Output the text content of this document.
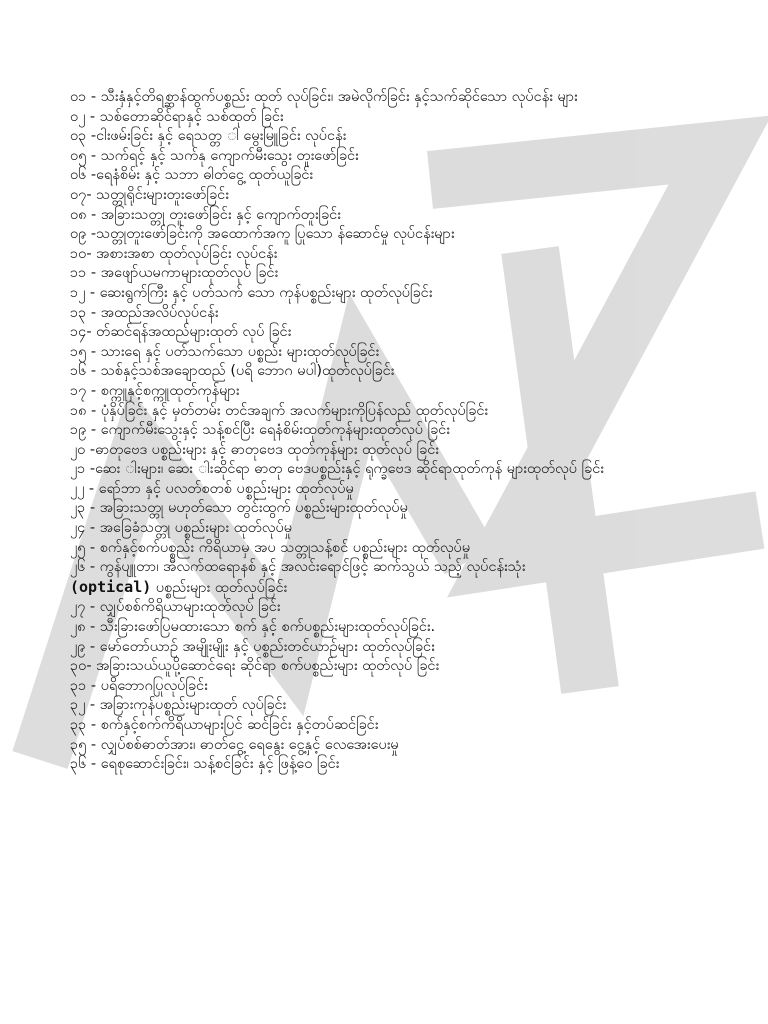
၀၁ - သီးနှံနှင့်တိရစ္ဆာန်ထွက်ပစ္စည်း ထုတ် လုပ်ခြင်း၊ အမဲလိုက်ခြင်း နှင့်သက်ဆိုင်သော လုပ်ငန်း များ
၀၂ - သစ်တောဆိုင်ရာနှင့် သစ်ထုတ် ခြင်း
၀၃ -ငါးဖမ်းခြင်း နှင့် ရေသတ္တ ါ မွေးမြူခြင်း လုပ်ငန်း
၀၅ - သက်ရင့် နှင့် သက်နု ကျောက်မီးသွေး တူးဖော်ခြင်း
၀၆ -ရေနံစိမ်း နှင့် သဘာ ဓါတ်ငွေ့ ထုတ်ယူခြင်း
၀၇- သတ္တုရိုင်းများတူးဖော်ခြင်း
၀၈ - အခြားသတ္တု တူးဖော်ခြင်း နှင့် ကျောက်တူးခြင်း
၀၉ -သတ္တုတူးဖော်ခြင်းကို အထောက်အကူ ပြုသော န်ဆောင်မှု လုပ်ငန်းများ
၁၀- အစားအစာ ထုတ်လုပ်ခြင်း လုပ်ငန်း
၁၁ - အဖျော်ယမကာများထုတ်လုပ် ခြင်း
၁၂ - ဆေးရွက်ကြီး နှင့် ပတ်သက် သော ကုန်ပစ္စည်းများ ထုတ်လုပ်ခြင်း
၁၃ - အထည်အလိပ်လုပ်ငန်း
၁၄- တ်ဆင်ရန်အထည်များထုတ် လုပ် ခြင်း
၁၅ - သားရေ နှင့် ပတ်သက်သော ပစ္စည်း များထုတ်လုပ်ခြင်း
၁၆ - သစ်နှင့်သစ်အချောထည် (ပရိ ဘောဂ မပါ)ထုတ်လုပ်ခြင်း
၁၇ - စက္ကူနှင့်စက္ကူထုတ်ကုန်များ
၁၈ - ပုံနှိပ်ခြင်း နှင့် မှတ်တမ်း တင်အချက် အလက်များကိုပြန်လည် ထုတ်လုပ်ခြင်း
၁၉ - ကျောက်မီးသွေးနှင့် သန့်စင်ပြီး ရေနံစိမ်းထုတ်ကုန်များထုတ်လုပ် ခြင်း
၂၀ -ဓာတုဗေဒ ပစ္စည်းများ နှင့် ဓာတုဗေဒ ထုတ်ကုန်များ ထုတ်လုပ် ခြင်း
၂၁ -ဆေး ါးများ၊ ဆေး ါးဆိုင်ရာ ဓာတု ဗေဒပစ္စည်းနှင့် ရုက္ခဗေဒ ဆိုင်ရာထုတ်ကုန် များထုတ်လုပ် ခြင်း
၂၂ - ရော်ဘာ နှင့် ပလတ်စတစ် ပစ္စည်းများ ထုတ်လုပ်မှု
၂၃ - အခြားသတ္တု မဟုတ်သော တွင်းထွက် ပစ္စည်းများထုတ်လုပ်မှု
၂၄ - အခြေခံသတ္တု ပစ္စည်းများ ထုတ်လုပ်မှု
၂၅ - စက်နှင့်စက်ပစ္စည်း ကိရိယာမှ အပ သတ္တုသန့်စင် ပစ္စည်းများ ထုတ်လုပ်မှု
၂၆ - ကွန်ပျူတာ၊ အီလက်ထရောနစ် နှင့် အလင်းရောင်ဖြင့် ဆက်သွယ် သည့် လုပ်ငန်းသုံး
(optical) ပစ္စည်းများ ထုတ်လုပ်ခြင်း
၂၇ - လျှပ်စစ်ကိရိယာများထုတ်လုပ် ခြင်း
၂၈ - သီးခြားဖော်ပြမထားသော စက် နှင့် စက်ပစ္စည်းများထုတ်လုပ်ခြင်း.
၂၉ - မော်တော်ယာဉ် အမျိုးမျိုး နှင့် ပစ္စည်းတင်ယာဉ်များ ထုတ်လုပ်ခြင်း
၃၀- အခြားသယ်ယူပို့ဆောင်ရေး ဆိုင်ရာ စက်ပစ္စည်းများ ထုတ်လုပ် ခြင်း
၃၁ - ပရိဘောဂပြုလုပ်ခြင်း
၃၂ - အခြားကုန်ပစ္စည်းများထုတ် လုပ်ခြင်း
၃၃ - စက်နှင့်စက်ကိရိယာများပြင် ဆင်ခြင်း နှင့်တပ်ဆင်ခြင်း
၃၅ - လျှပ်စစ်ဓာတ်အား၊ ဓာတ်ငွေ့ ရေနွေး ငွေ့နှင့် လေအေးပေးမှု
၃၆ - ရေစုဆောင်းခြင်း၊ သန့်စင်ခြင်း နှင့် ဖြန့်ဝေ ခြင်း
